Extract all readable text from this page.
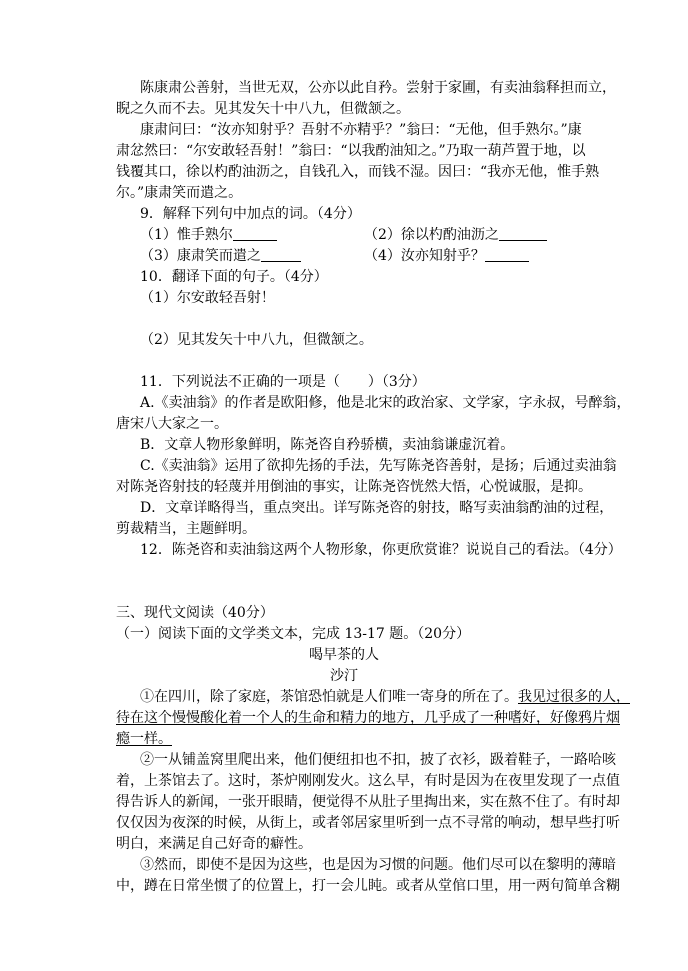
陈康肃公善射，当世无双，公亦以此自矜。尝射于家圃，有卖油翁释担而立，
睨之久而不去。见其发矢十中八九，但微颔之。
康肃问曰：“汝亦知射乎？吾射不亦精乎？”翁曰：“无他，但手熟尔。”康
肃忿然曰：“尔安敢轻吾射！”翁曰：“以我酌油知之。”乃取一葫芦置于地，以
钱覆其口，徐以杓酌油沥之，自钱孔入，而钱不湿。因曰：“我亦无他，惟手熟
尔。”康肃笑而遣之。
9．解释下列句中加点的词。（4分）
（1）惟手熟尔	（2）徐以杓酌油沥之
（3）康肃笑而遣之	（4）汝亦知射乎？
10．翻译下面的句子。（4分）
（1）尔安敢轻吾射！
（2）见其发矢十中八九，但微颔之。
11．下列说法不正确的一项是（　　）（3分）
A.《卖油翁》的作者是欧阳修，他是北宋的政治家、文学家，字永叔，号醉翁，
唐宋八大家之一。
B．文章人物形象鲜明，陈尧咨自矜骄横，卖油翁谦虚沉着。
C.《卖油翁》运用了欲抑先扬的手法，先写陈尧咨善射，是扬；后通过卖油翁
对陈尧咨射技的轻蔑并用倒油的事实，让陈尧咨恍然大悟，心悦诚服，是抑。
D．文章详略得当，重点突出。详写陈尧咨的射技，略写卖油翁酌油的过程，
剪裁精当，主题鲜明。
12．陈尧咨和卖油翁这两个人物形象，你更欣赏谁？说说自己的看法。（4分）
三、现代文阅读（40分）
（一）阅读下面的文学类文本，完成 13-17 题。（20分）
喝早茶的人
沙汀
①在四川，除了家庭，茶馆恐怕就是人们唯一寄身的所在了。我见过很多的人，
待在这个慢慢酸化着一个人的生命和精力的地方，几乎成了一种嗜好，好像鸦片烟
瘾一样。
②一从铺盖窝里爬出来，他们便纽扣也不扣，披了衣衫，趿着鞋子，一路哈咳
着，上茶馆去了。这时，茶炉刚刚发火。这么早，有时是因为在夜里发现了一点值
得告诉人的新闻，一张开眼睛，便觉得不从肚子里掏出来，实在熬不住了。有时却
仅仅因为夜深的时候，从街上，或者邻居家里听到一点不寻常的响动，想早些打听
明白，来满足自己好奇的癖性。
③然而，即使不是因为这些，也是因为习惯的问题。他们尽可以在黎明的薄暗
中，蹲在日常坐惯了的位置上，打一会儿盹。或者从堂倌口里，用一两句简单含糊
